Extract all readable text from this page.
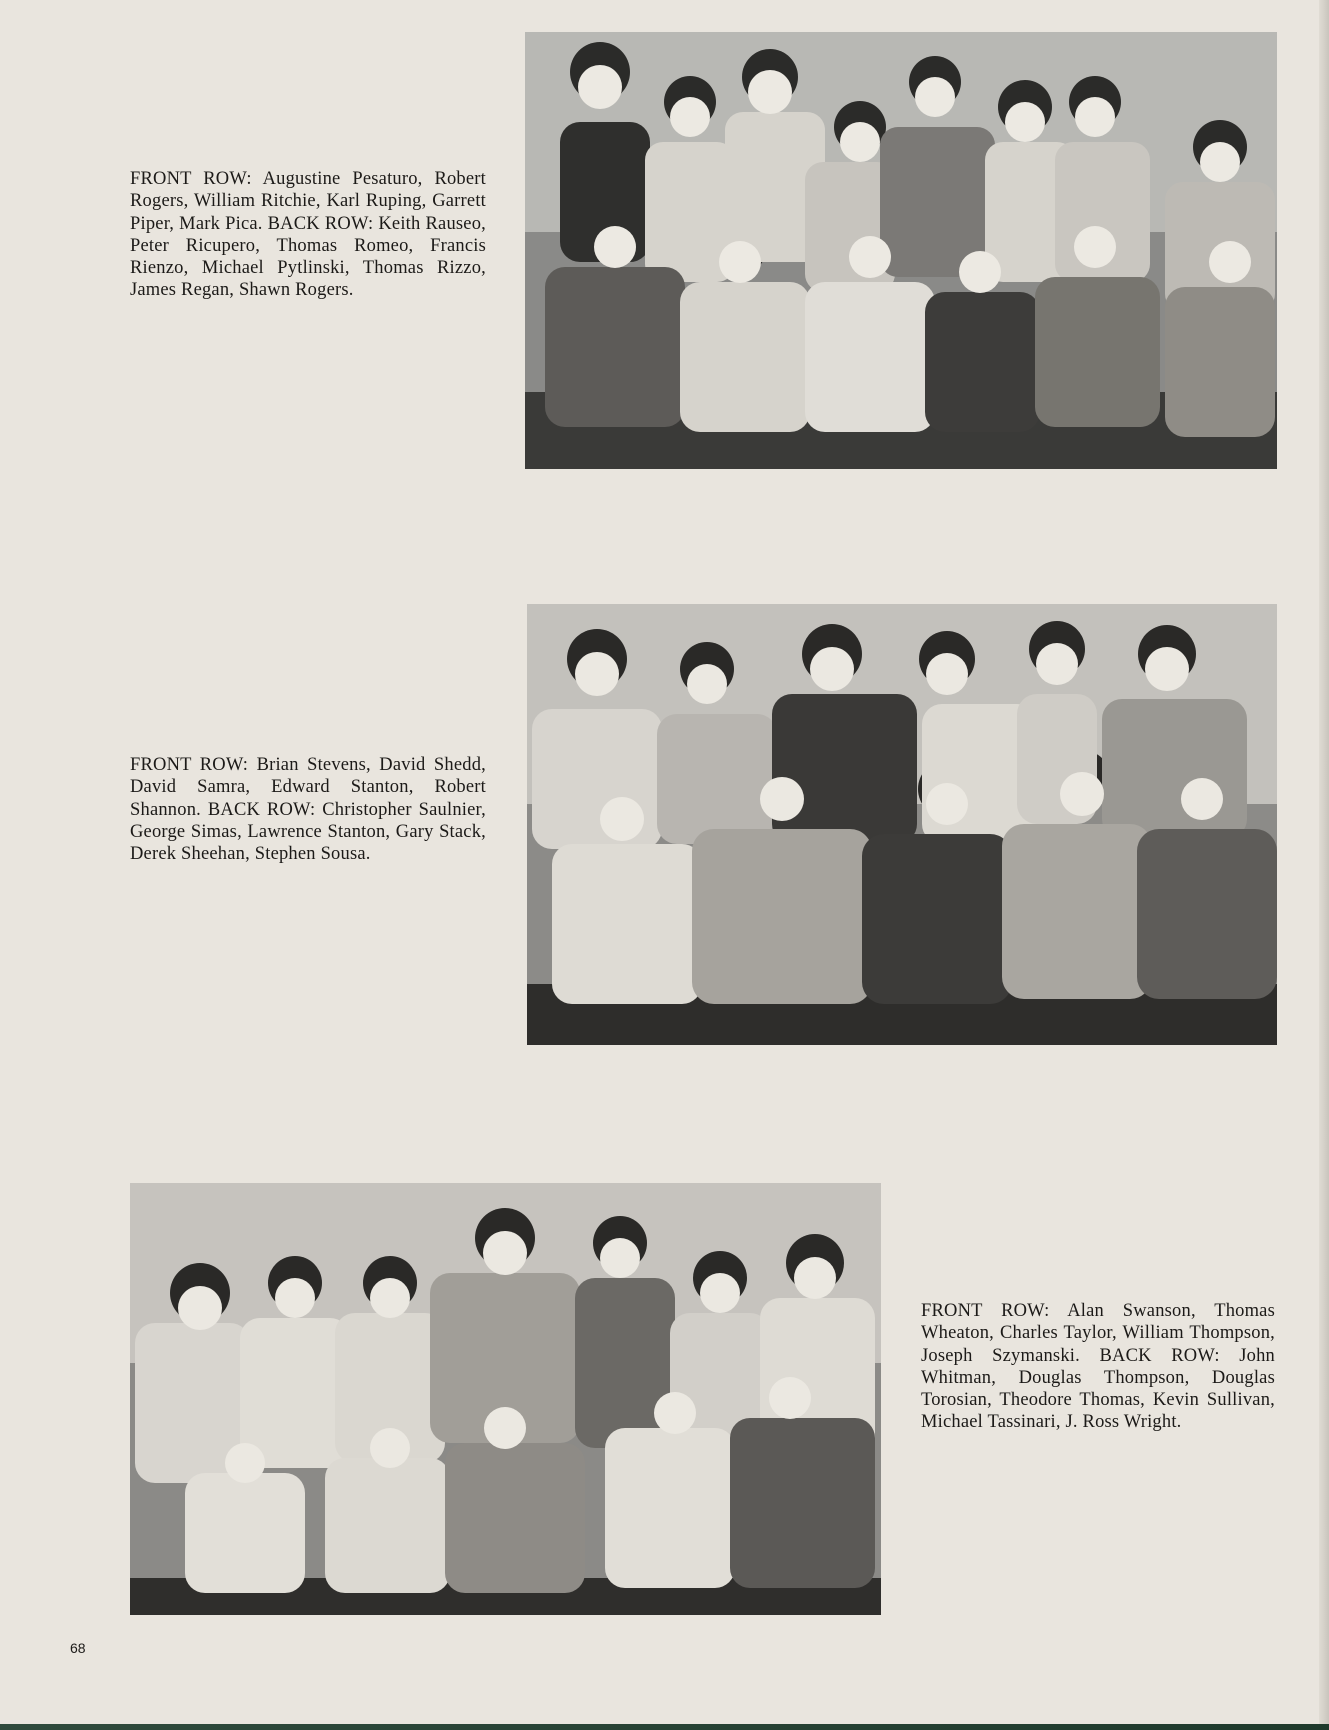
FRONT ROW: Augustine Pesaturo, Robert Rogers, William Ritchie, Karl Ruping, Garrett Piper, Mark Pica. BACK ROW: Keith Rauseo, Peter Ricupero, Thomas Romeo, Francis Rienzo, Michael Pytlinski, Thomas Rizzo, James Regan, Shawn Rogers.

FRONT ROW: Brian Stevens, David Shedd, David Samra, Edward Stanton, Robert Shannon. BACK ROW: Christopher Saulnier, George Simas, Lawrence Stanton, Gary Stack, Derek Sheehan, Stephen Sousa.

FRONT ROW: Alan Swanson, Thomas Wheaton, Charles Taylor, William Thompson, Joseph Szymanski. BACK ROW: John Whitman, Douglas Thompson, Douglas Torosian, Theodore Thomas, Kevin Sullivan, Michael Tassinari, J. Ross Wright.

68
